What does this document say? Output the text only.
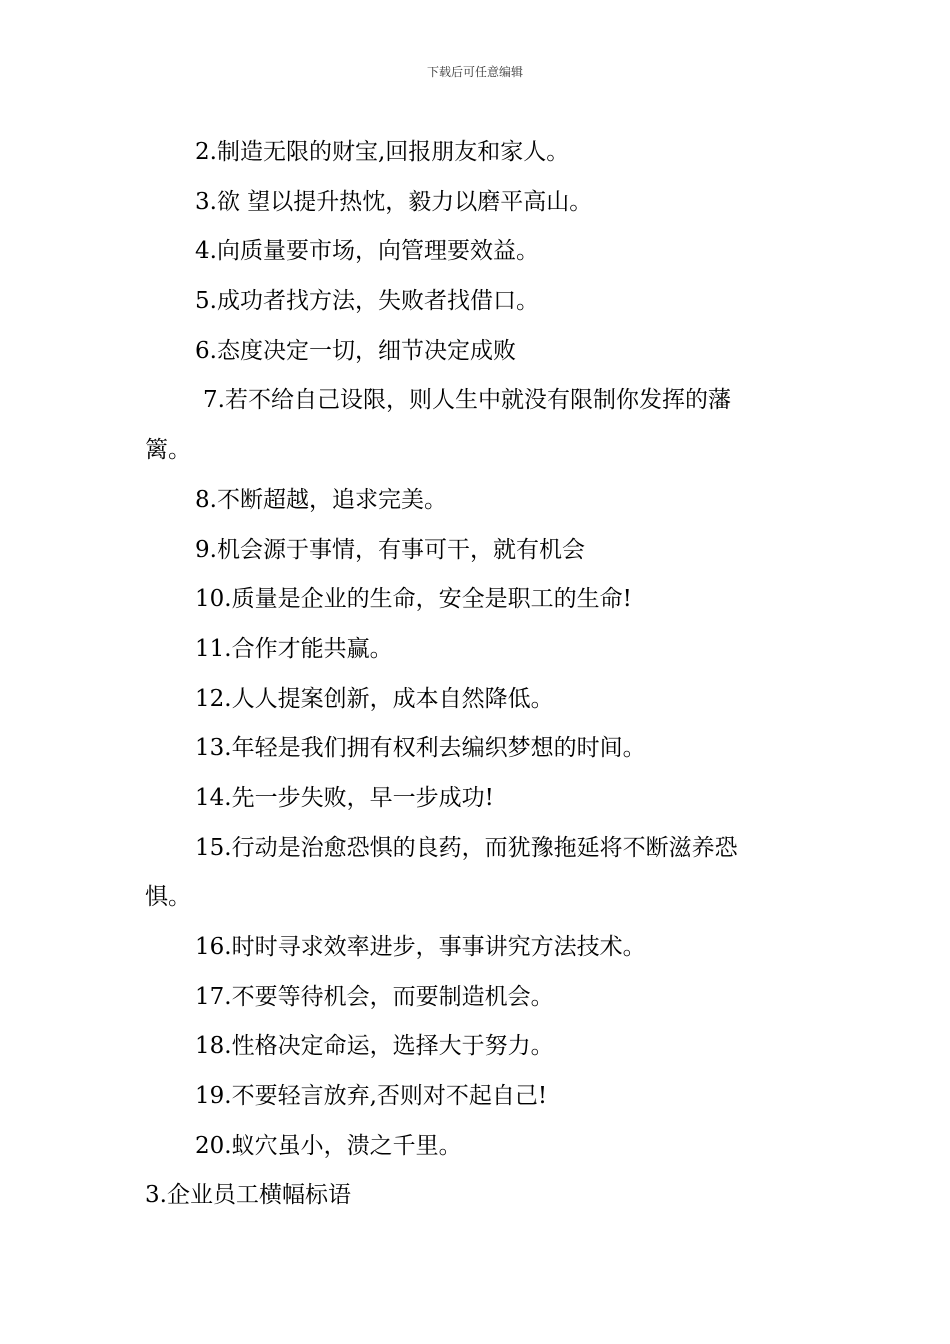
下载后可任意编辑
2.制造无限的财宝,回报朋友和家人。
3.欲 望以提升热忱，毅力以磨平高山。
4.向质量要市场，向管理要效益。
5.成功者找方法，失败者找借口。
6.态度决定一切，细节决定成败
7.若不给自己设限，则人生中就没有限制你发挥的藩
篱。
8.不断超越，追求完美。
9.机会源于事情，有事可干，就有机会
10.质量是企业的生命，安全是职工的生命!
11.合作才能共赢。
12.人人提案创新，成本自然降低。
13.年轻是我们拥有权利去编织梦想的时间。
14.先一步失败，早一步成功!
15.行动是治愈恐惧的良药，而犹豫拖延将不断滋养恐
惧。
16.时时寻求效率进步，事事讲究方法技术。
17.不要等待机会，而要制造机会。
18.性格决定命运，选择大于努力。
19.不要轻言放弃,否则对不起自己!
20.蚁穴虽小，溃之千里。
3.企业员工横幅标语
